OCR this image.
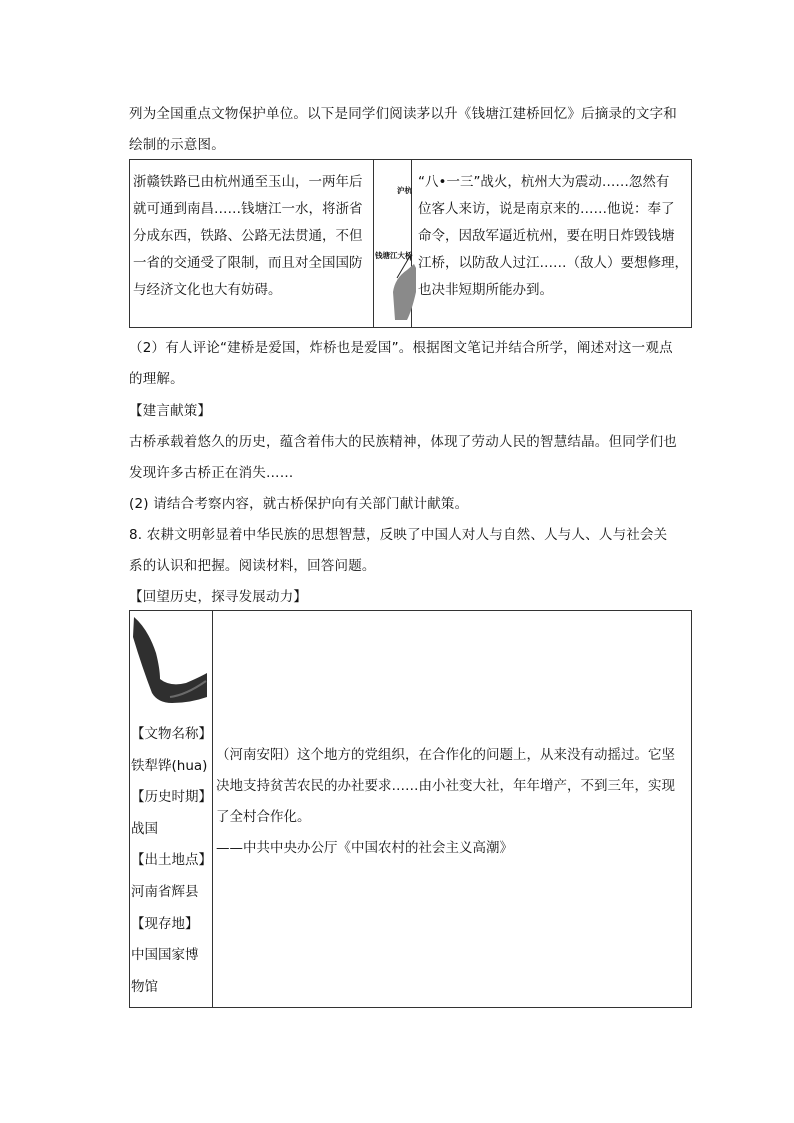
列为全国重点文物保护单位。以下是同学们阅读茅以升《钱塘江建桥回忆》后摘录的文字和
绘制的示意图。
浙赣铁路已由杭州通至玉山，一两年后
就可通到南昌……钱塘江一水，将浙省
分成东西，铁路、公路无法贯通，不但
一省的交通受了限制，而且对全国国防
与经济文化也大有妨碍。

沪杭
钱塘江大桥

“八•一三”战火，杭州大为震动……忽然有
位客人来访，说是南京来的……他说：奉了
命令，因敌军逼近杭州，要在明日炸毁钱塘
江桥，以防敌人过江……（敌人）要想修理，
也决非短期所能办到。
（2）有人评论“建桥是爱国，炸桥也是爱国”。根据图文笔记并结合所学，阐述对这一观点
的理解。
【建言献策】
古桥承载着悠久的历史，蕴含着伟大的民族精神，体现了劳动人民的智慧结晶。但同学们也
发现许多古桥正在消失……
(2) 请结合考察内容，就古桥保护向有关部门献计献策。
8. 农耕文明彰显着中华民族的思想智慧，反映了中国人对人与自然、人与人、人与社会关
系的认识和把握。阅读材料，回答问题。
【回望历史，探寻发展动力】
【文物名称】
铁犁铧(hua)
【历史时期】
战国
【出土地点】
河南省辉县
【现存地】
中国国家博
物馆

（河南安阳）这个地方的党组织，在合作化的问题上，从来没有动摇过。它坚
决地支持贫苦农民的办社要求……由小社变大社，年年增产，不到三年，实现
了全村合作化。
——中共中央办公厅《中国农村的社会主义高潮》
